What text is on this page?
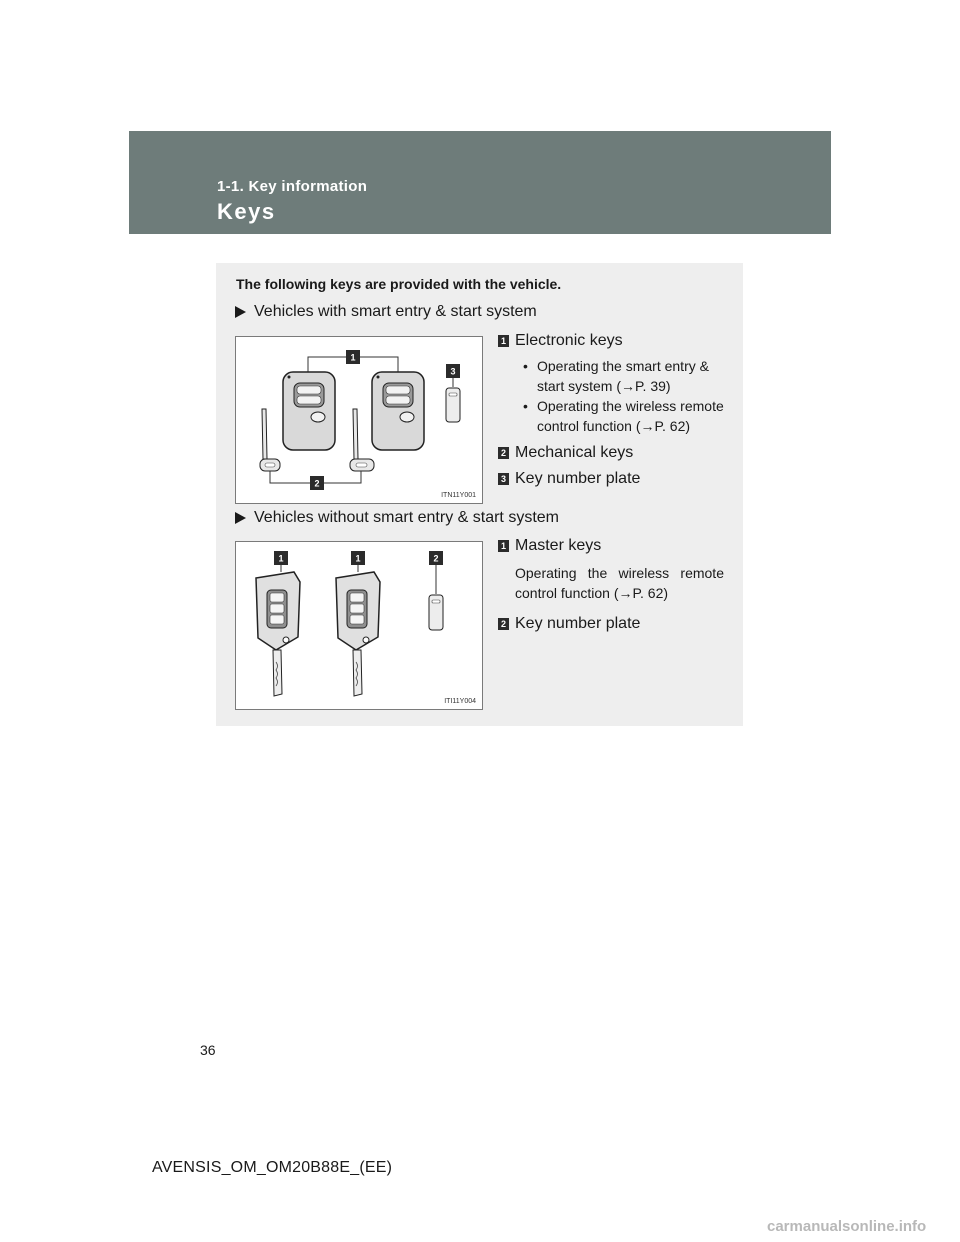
1-1. Key information
Keys
The following keys are provided with the vehicle.
Vehicles with smart entry & start system
1
3
2
ITN11Y001
1 Electronic keys
• Operating the smart entry & start system (→P. 39)
• Operating the wireless remote control function (→P. 62)
2 Mechanical keys
3 Key number plate
Vehicles without smart entry & start system
1	1	2
ITI11Y004
1 Master keys
Operating the wireless remote control function (→P. 62)
2 Key number plate
36
AVENSIS_OM_OM20B88E_(EE)
carmanualsonline.info
